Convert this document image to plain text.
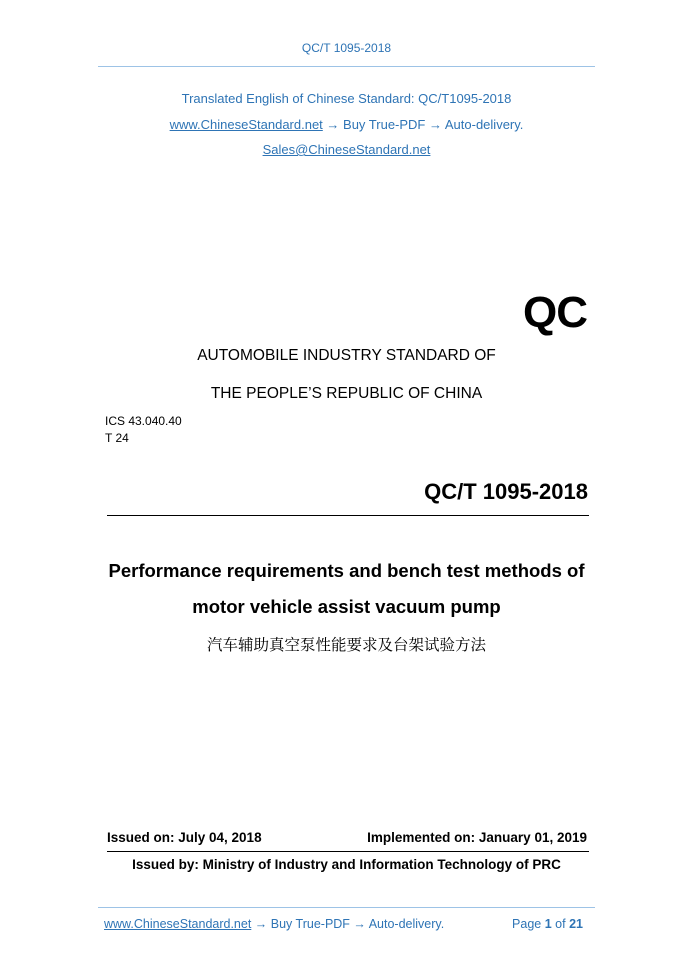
QC/T 1095-2018
Translated English of Chinese Standard: QC/T1095-2018
www.ChineseStandard.net → Buy True-PDF → Auto-delivery.
Sales@ChineseStandard.net
QC
AUTOMOBILE INDUSTRY STANDARD OF
THE PEOPLE’S REPUBLIC OF CHINA
ICS 43.040.40
T 24
QC/T 1095-2018
Performance requirements and bench test methods of
motor vehicle assist vacuum pump
汽车辅助真空泵性能要求及台架试验方法
Issued on: July 04, 2018	Implemented on: January 01, 2019
Issued by: Ministry of Industry and Information Technology of PRC
www.ChineseStandard.net → Buy True-PDF → Auto-delivery.	Page 1 of 21
